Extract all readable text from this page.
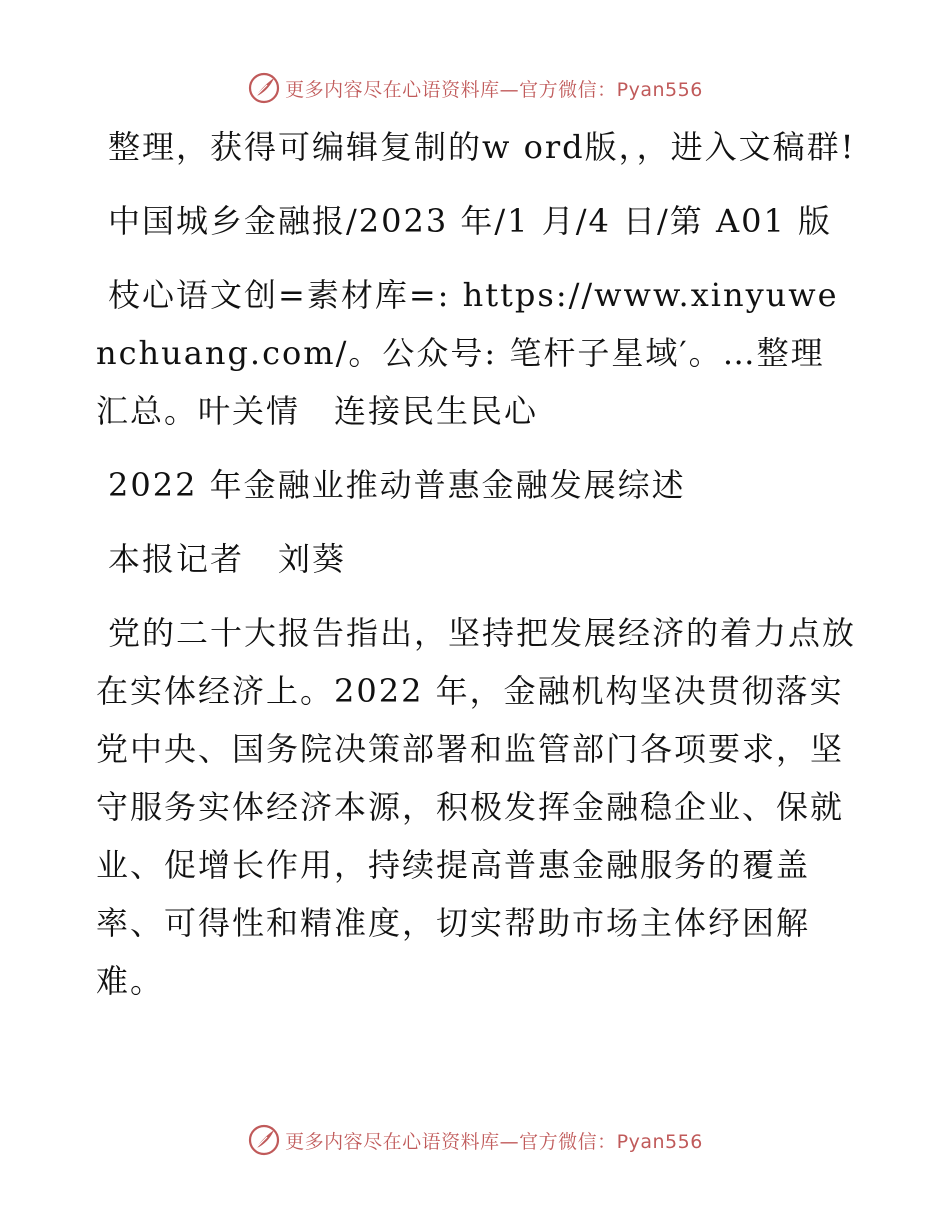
更多内容尽在心语资料库—官方微信：Pyan556

整理，获得可编辑复制的w ord版，，进入文稿群!

中国城乡金融报/2023 年/1 月/4 日/第 A01 版

枝心语文创=素材库=: https://www.xinyuwenchuang.com/。公众号: 笔杆子星域′。…整理汇总。叶关情　连接民生民心

2022 年金融业推动普惠金融发展综述

本报记者　刘葵

党的二十大报告指出，坚持把发展经济的着力点放在实体经济上。2022 年，金融机构坚决贯彻落实党中央、国务院决策部署和监管部门各项要求，坚守服务实体经济本源，积极发挥金融稳企业、保就业、促增长作用，持续提高普惠金融服务的覆盖率、可得性和精准度，切实帮助市场主体纾困解难。

更多内容尽在心语资料库—官方微信：Pyan556
